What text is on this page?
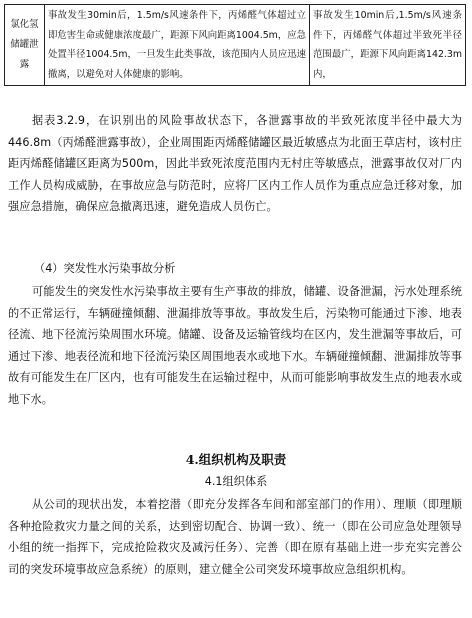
氯化氢储罐泄露	事故发生30min后，1.5m/s风速条件下，丙烯醛气体超过立即危害生命或健康浓度最广，距源下风向距离1004.5m，应急处置半径1004.5m，一旦发生此类事故，该范围内人员应迅速撤离，以避免对人体健康的影响。	事故发生10min后,1.5m/s风速条件下，丙烯醛气体超过半致死半径范围最广，距源下风向距离142.3m内，
据表3.2.9，在识别出的风险事故状态下，各泄露事故的半致死浓度半径中最大为446.8m（丙烯醛泄露事故），企业周围距丙烯醛储罐区最近敏感点为北面王草店村，该村庄距丙烯醛储罐区距离为500m，因此半致死浓度范围内无村庄等敏感点，泄露事故仅对厂内工作人员构成威胁，在事故应急与防范时，应将厂区内工作人员作为重点应急迁移对象，加强应急措施，确保应急撤离迅速，避免造成人员伤亡。
（4）突发性水污染事故分析
可能发生的突发性水污染事故主要有生产事故的排放，储罐、设备泄漏，污水处理系统的不正常运行，车辆碰撞倾翻、泄漏排放等事故。事故发生后，污染物可能通过下渗、地表径流、地下径流污染周围水环境。储罐、设备及运输管线均在区内，发生泄漏等事故后，可通过下渗、地表径流和地下径流污染区周围地表水或地下水。车辆碰撞倾翻、泄漏排放等事故有可能发生在厂区内，也有可能发生在运输过程中，从而可能影响事故发生点的地表水或地下水。
4.组织机构及职责
4.1组织体系
从公司的现状出发，本着挖潜（即充分发挥各车间和部室部门的作用）、理顺（即理顺各种抢险救灾力量之间的关系，达到密切配合、协调一致）、统一（即在公司应急处理领导小组的统一指挥下，完成抢险救灾及减污任务）、完善（即在原有基础上进一步充实完善公司的突发环境事故应急系统）的原则，建立健全公司突发环境事故应急组织机构。
